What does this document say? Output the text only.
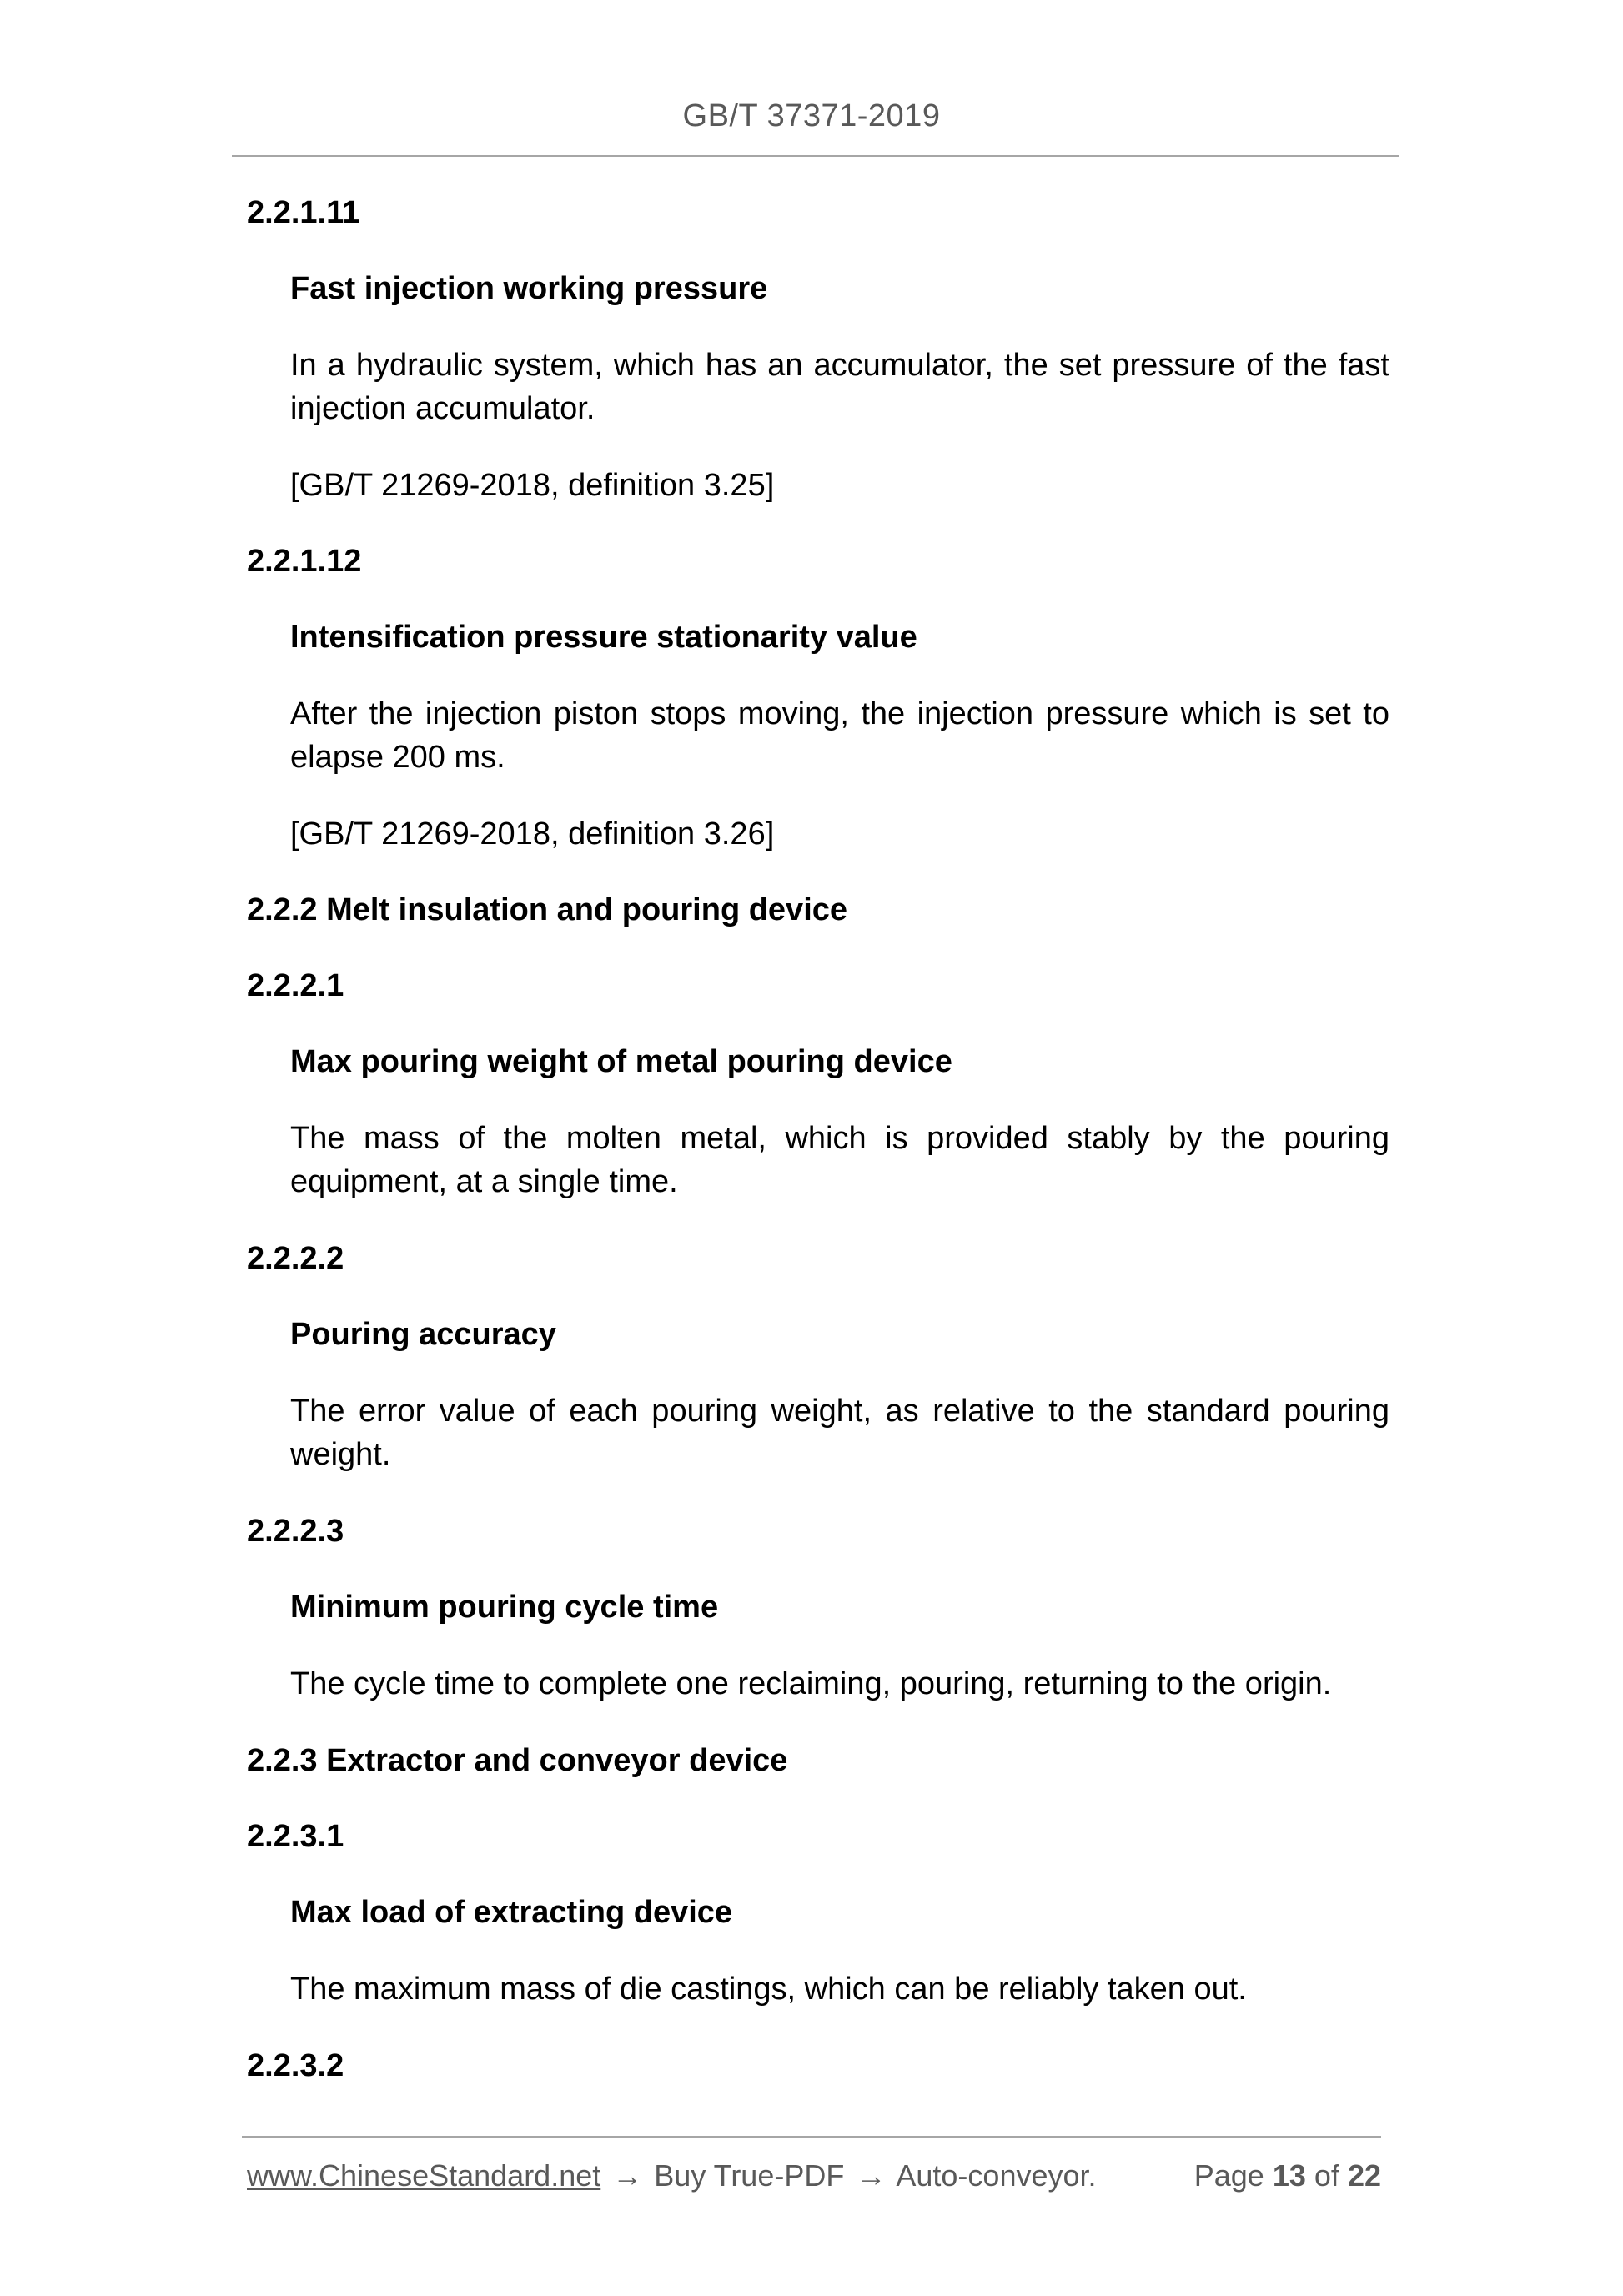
GB/T 37371-2019
2.2.1.11
Fast injection working pressure
In a hydraulic system, which has an accumulator, the set pressure of the fast injection accumulator.
[GB/T 21269-2018, definition 3.25]
2.2.1.12
Intensification pressure stationarity value
After the injection piston stops moving, the injection pressure which is set to elapse 200 ms.
[GB/T 21269-2018, definition 3.26]
2.2.2 Melt insulation and pouring device
2.2.2.1
Max pouring weight of metal pouring device
The mass of the molten metal, which is provided stably by the pouring equipment, at a single time.
2.2.2.2
Pouring accuracy
The error value of each pouring weight, as relative to the standard pouring weight.
2.2.2.3
Minimum pouring cycle time
The cycle time to complete one reclaiming, pouring, returning to the origin.
2.2.3 Extractor and conveyor device
2.2.3.1
Max load of extracting device
The maximum mass of die castings, which can be reliably taken out.
2.2.3.2
www.ChineseStandard.net → Buy True-PDF → Auto-conveyor.	Page 13 of 22
